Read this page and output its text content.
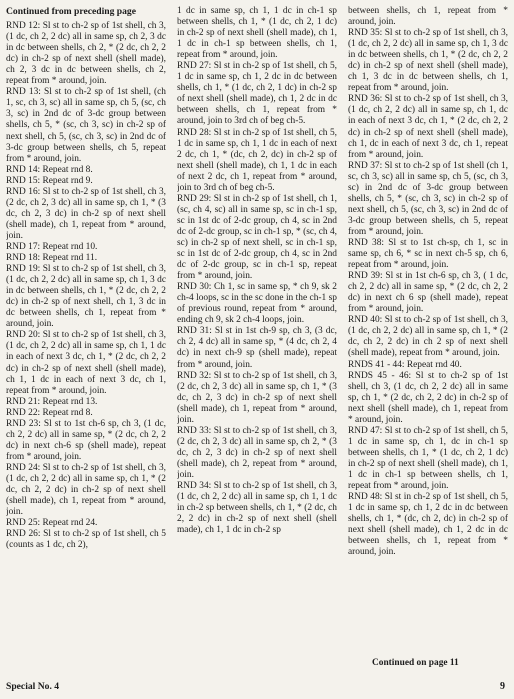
Continued from preceding page

RND 12: Sl st to ch-2 sp of 1st shell, ch 3, (1 dc, ch 2, 2 dc) all in same sp, ch 2, 3 dc in dc between shells, ch 2, * (2 dc, ch 2, 2 dc) in ch-2 sp of next shell (shell made), ch 2, 3 dc in dc between shells, ch 2, repeat from * around, join.

RND 13: Sl st to ch-2 sp of 1st shell, (ch 1, sc, ch 3, sc) all in same sp, ch 5, (sc, ch 3, sc) in 2nd dc of 3-dc group between shells, ch 5, * (sc, ch 3, sc) in ch-2 sp of next shell, ch 5, (sc, ch 3, sc) in 2nd dc of 3-dc group between shells, ch 5, repeat from * around, join.

RND 14: Repeat rnd 8.

RND 15: Repeat rnd 9.

RND 16: Sl st to ch-2 sp of 1st shell, ch 3, (2 dc, ch 2, 3 dc) all in same sp, ch 1, * (3 dc, ch 2, 3 dc) in ch-2 sp of next shell (shell made), ch 1, repeat from * around, join.

RND 17: Repeat rnd 10.

RND 18: Repeat rnd 11.

RND 19: Sl st to ch-2 sp of 1st shell, ch 3, (1 dc, ch 2, 2 dc) all in same sp, ch 1, 3 dc in dc between shells, ch 1, * (2 dc, ch 2, 2 dc) in ch-2 sp of next shell, ch 1, 3 dc in dc between shells, ch 1, repeat from * around, join.

RND 20: Sl st to ch-2 sp of 1st shell, ch 3, (1 dc, ch 2, 2 dc) all in same sp, ch 1, 1 dc in each of next 3 dc, ch 1, * (2 dc, ch 2, 2 dc) in ch-2 sp of next shell (shell made), ch 1, 1 dc in each of next 3 dc, ch 1, repeat from * around, join.

RND 21: Repeat rnd 13.

RND 22: Repeat rnd 8.

RND 23: Sl st to 1st ch-6 sp, ch 3, (1 dc, ch 2, 2 dc) all in same sp, * (2 dc, ch 2, 2 dc) in next ch-6 sp (shell made), repeat from * around, join.

RND 24: Sl st to ch-2 sp of 1st shell, ch 3, (1 dc, ch 2, 2 dc) all in same sp, ch 1, * (2 dc, ch 2, 2 dc) in ch-2 sp of next shell (shell made), ch 1, repeat from * around, join.

RND 25: Repeat rnd 24.

RND 26: Sl st to ch-2 sp of 1st shell, ch 5 (counts as 1 dc, ch 2),

1 dc in same sp, ch 1, 1 dc in ch-1 sp between shells, ch 1, * (1 dc, ch 2, 1 dc) in ch-2 sp of next shell (shell made), ch 1, 1 dc in ch-1 sp between shells, ch 1, repeat from * around, join.

RND 27: Sl st in ch-2 sp of 1st shell, ch 5, 1 dc in same sp, ch 1, 2 dc in dc between shells, ch 1, * (1 dc, ch 2, 1 dc) in ch-2 sp of next shell (shell made), ch 1, 2 dc in dc between shells, ch 1, repeat from * around, join to 3rd ch of beg ch-5.

RND 28: Sl st in ch-2 sp of 1st shell, ch 5, 1 dc in same sp, ch 1, 1 dc in each of next 2 dc, ch 1, * (dc, ch 2, dc) in ch-2 sp of next shell (shell made), ch 1, 1 dc in each of next 2 dc, ch 1, repeat from * around, join to 3rd ch of beg ch-5.

RND 29: Sl st in ch-2 sp of 1st shell, ch 1, (sc, ch 4, sc) all in same sp, sc in ch-1 sp, sc in 1st dc of 2-dc group, ch 4, sc in 2nd dc of 2-dc group, sc in ch-1 sp, * (sc, ch 4, sc) in ch-2 sp of next shell, sc in ch-1 sp, sc in 1st dc of 2-dc group, ch 4, sc in 2nd dc of 2-dc group, sc in ch-1 sp, repeat from * around, join.

RND 30: Ch 1, sc in same sp, * ch 9, sk 2 ch-4 loops, sc in the sc done in the ch-1 sp of previous round, repeat from * around, ending ch 9, sk 2 ch-4 loops, join.

RND 31: Sl st in 1st ch-9 sp, ch 3, (3 dc, ch 2, 4 dc) all in same sp, * (4 dc, ch 2, 4 dc) in next ch-9 sp (shell made), repeat from * around, join.

RND 32: Sl st to ch-2 sp of 1st shell, ch 3, (2 dc, ch 2, 3 dc) all in same sp, ch 1, * (3 dc, ch 2, 3 dc) in ch-2 sp of next shell (shell made), ch 1, repeat from * around, join.

RND 33: Sl st to ch-2 sp of 1st shell, ch 3, (2 dc, ch 2, 3 dc) all in same sp, ch 2, * (3 dc, ch 2, 3 dc) in ch-2 sp of next shell (shell made), ch 2, repeat from * around, join.

RND 34: Sl st to ch-2 sp of 1st shell, ch 3, (1 dc, ch 2, 2 dc) all in same sp, ch 1, 1 dc in ch-2 sp between shells, ch 1, * (2 dc, ch 2, 2 dc) in ch-2 sp of next shell (shell made), ch 1, 1 dc in ch-2 sp

between shells, ch 1, repeat from * around, join.

RND 35: Sl st to ch-2 sp of 1st shell, ch 3, (1 dc, ch 2, 2 dc) all in same sp, ch 1, 3 dc in dc between shells, ch 1, * (2 dc, ch 2, 2 dc) in ch-2 sp of next shell (shell made), ch 1, 3 dc in dc between shells, ch 1, repeat from * around, join.

RND 36: Sl st to ch-2 sp of 1st shell, ch 3, (1 dc, ch 2, 2 dc) all in same sp, ch 1, dc in each of next 3 dc, ch 1, * (2 dc, ch 2, 2 dc) in ch-2 sp of next shell (shell made), ch 1, dc in each of next 3 dc, ch 1, repeat from * around, join.

RND 37: Sl st to ch-2 sp of 1st shell (ch 1, sc, ch 3, sc) all in same sp, ch 5, (sc, ch 3, sc) in 2nd dc of 3-dc group between shells, ch 5, * (sc, ch 3, sc) in ch-2 sp of next shell, ch 5, (sc, ch 3, sc) in 2nd dc of 3-dc group between shells, ch 5, repeat from * around, join.

RND 38: Sl st to 1st ch-sp, ch 1, sc in same sp, ch 6, * sc in next ch-5 sp, ch 6, repeat from * around, join.

RND 39: Sl st in 1st ch-6 sp, ch 3, ( 1 dc, ch 2, 2 dc) all in same sp, * (2 dc, ch 2, 2 dc) in next ch 6 sp (shell made), repeat from * around, join.

RND 40: Sl st to ch-2 sp of 1st shell, ch 3, (1 dc, ch 2, 2 dc) all in same sp, ch 1, * (2 dc, ch 2, 2 dc) in ch 2 sp of next shell (shell made), repeat from * around, join.

RNDS 41 - 44: Repeat rnd 40.

RNDS 45 - 46: Sl st to ch-2 sp of 1st shell, ch 3, (1 dc, ch 2, 2 dc) all in same sp, ch 1, * (2 dc, ch 2, 2 dc) in ch-2 sp of next shell (shell made), ch 1, repeat from * around, join.

RND 47: Sl st to ch-2 sp of 1st shell, ch 5, 1 dc in same sp, ch 1, dc in ch-1 sp between shells, ch 1, * (1 dc, ch 2, 1 dc) in ch-2 sp of next shell (shell made), ch 1, 1 dc in ch-1 sp between shells, ch 1, repeat from * around, join.

RND 48: Sl st in ch-2 sp of 1st shell, ch 5, 1 dc in same sp, ch 1, 2 dc in dc between shells, ch 1, * (dc, ch 2, dc) in ch-2 sp of next shell (shell made), ch 1, 2 dc in dc between shells, ch 1, repeat from * around, join.

Continued on page 11
Special No. 4	9
